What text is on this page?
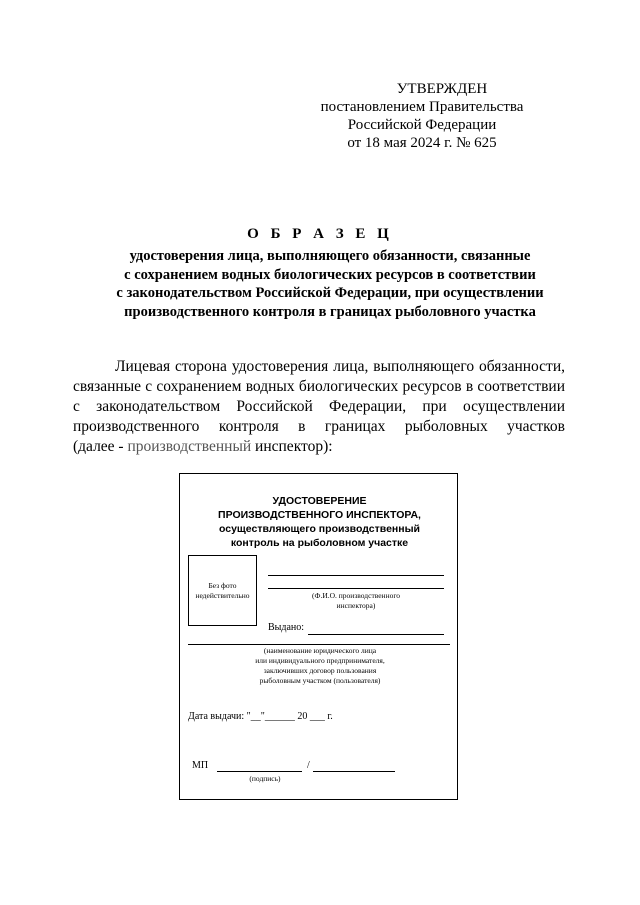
УТВЕРЖДЕН
постановлением Правительства
Российской Федерации
от 18 мая 2024 г. № 625
О Б Р А З Е Ц
удостоверения лица, выполняющего обязанности, связанные
с сохранением водных биологических ресурсов в соответствии
с законодательством Российской Федерации, при осуществлении
производственного контроля в границах рыболовного участка
Лицевая сторона удостоверения лица, выполняющего обязанности,
связанные с сохранением водных биологических ресурсов в соответствии
с законодательством Российской Федерации, при осуществлении
производственного контроля в границах рыболовных участков
(далее - производственный инспектор):
УДОСТОВЕРЕНИЕ
ПРОИЗВОДСТВЕННОГО ИНСПЕКТОРА,
осуществляющего производственный
контроль на рыболовном участке
Без фото
недействительно	(Ф.И.О. производственного
инспектора)
Выдано:
(наименование юридического лица
или индивидуального предпринимателя,
заключивших договор пользования
рыболовным участком (пользователя)
Дата выдачи: "__"______ 20 ___ г.
МП	/
(подпись)
